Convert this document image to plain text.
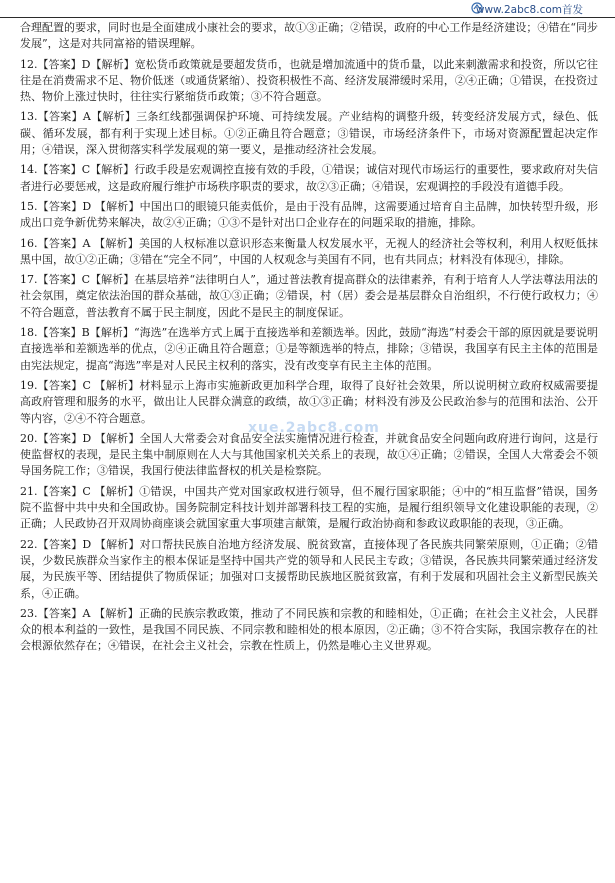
www.2abc8.com首发
xue.2abc8.com

合理配置的要求，同时也是全面建成小康社会的要求，故①③正确；②错误，政府的中心工作是经济建设；④错在“同步发展”，这是对共同富裕的错误理解。

12.【答案】D【解析】宽松货币政策就是要超发货币，也就是增加流通中的货币量，以此来刺激需求和投资，所以它往往是在消费需求不足、物价低迷（或通货紧缩）、投资积极性不高、经济发展滞缓时采用，②④正确；①错误，在投资过热、物价上涨过快时，往往实行紧缩货币政策；③不符合题意。

13.【答案】A【解析】三条红线都强调保护环境、可持续发展。产业结构的调整升级，转变经济发展方式，绿色、低碳、循环发展，都有利于实现上述目标。①②正确且符合题意；③错误，市场经济条件下，市场对资源配置起决定作用；④错误，深入贯彻落实科学发展观的第一要义，是推动经济社会发展。

14.【答案】C【解析】行政手段是宏观调控直接有效的手段，①错误；诚信对现代市场运行的重要性，要求政府对失信者进行必要惩戒，这是政府履行维护市场秩序职责的要求，故②③正确；④错误，宏观调控的手段没有道德手段。

15.【答案】D 【解析】中国出口的眼镜只能卖低价，是由于没有品牌，这需要通过培育自主品牌，加快转型升级，形成出口竞争新优势来解决，故②④正确；①③不是针对出口企业存在的问题采取的措施，排除。

16.【答案】A 【解析】美国的人权标准以意识形态来衡量人权发展水平，无视人的经济社会等权利，利用人权贬低抹黑中国，故①②正确；③错在“完全不同”，中国的人权观念与美国有不同，也有共同点；材料没有体现④，排除。

17.【答案】C【解析】在基层培养“法律明白人”，通过普法教育提高群众的法律素养，有利于培育人人学法尊法用法的社会氛围，奠定依法治国的群众基础，故①③正确；②错误，村（居）委会是基层群众自治组织，不行使行政权力；④不符合题意，普法教育不属于民主制度，因此不是民主的制度保证。

18.【答案】B【解析】“海选”在选举方式上属于直接选举和差额选举。因此，鼓励“海选”村委会干部的原因就是要说明直接选举和差额选举的优点，②④正确且符合题意；①是等额选举的特点，排除；③错误，我国享有民主主体的范围是由宪法规定，提高“海选”率是对人民民主权利的落实，没有改变享有民主主体的范围。

19.【答案】C 【解析】材料显示上海市实施新政更加科学合理，取得了良好社会效果，所以说明树立政府权威需要提高政府管理和服务的水平，做出让人民群众满意的政绩，故①③正确；材料没有涉及公民政治参与的范围和法治、公开等内容，②④不符合题意。

20.【答案】D 【解析】全国人大常委会对食品安全法实施情况进行检查，并就食品安全问题向政府进行询问，这是行使监督权的表现，是民主集中制原则在人大与其他国家机关关系上的表现，故①④正确；②错误，全国人大常委会不领导国务院工作；③错误，我国行使法律监督权的机关是检察院。

21.【答案】C 【解析】①错误，中国共产党对国家政权进行领导，但不履行国家职能；④中的“相互监督”错误，国务院不监督中共中央和全国政协。国务院制定科技计划并部署科技工程的实施，是履行组织领导文化建设职能的表现，②正确；人民政协召开双周协商座谈会就国家重大事项建言献策，是履行政治协商和参政议政职能的表现，③正确。

22.【答案】D 【解析】对口帮扶民族自治地方经济发展、脱贫致富，直接体现了各民族共同繁荣原则，①正确；②错误，少数民族群众当家作主的根本保证是坚持中国共产党的领导和人民民主专政；③错误，各民族共同繁荣通过经济发展，为民族平等、团结提供了物质保证；加强对口支援帮助民族地区脱贫致富，有利于发展和巩固社会主义新型民族关系，④正确。

23.【答案】A 【解析】正确的民族宗教政策，推动了不同民族和宗教的和睦相处，①正确；在社会主义社会，人民群众的根本利益的一致性，是我国不同民族、不同宗教和睦相处的根本原因，②正确；③不符合实际，我国宗教存在的社会根源依然存在；④错误，在社会主义社会，宗教在性质上，仍然是唯心主义世界观。
